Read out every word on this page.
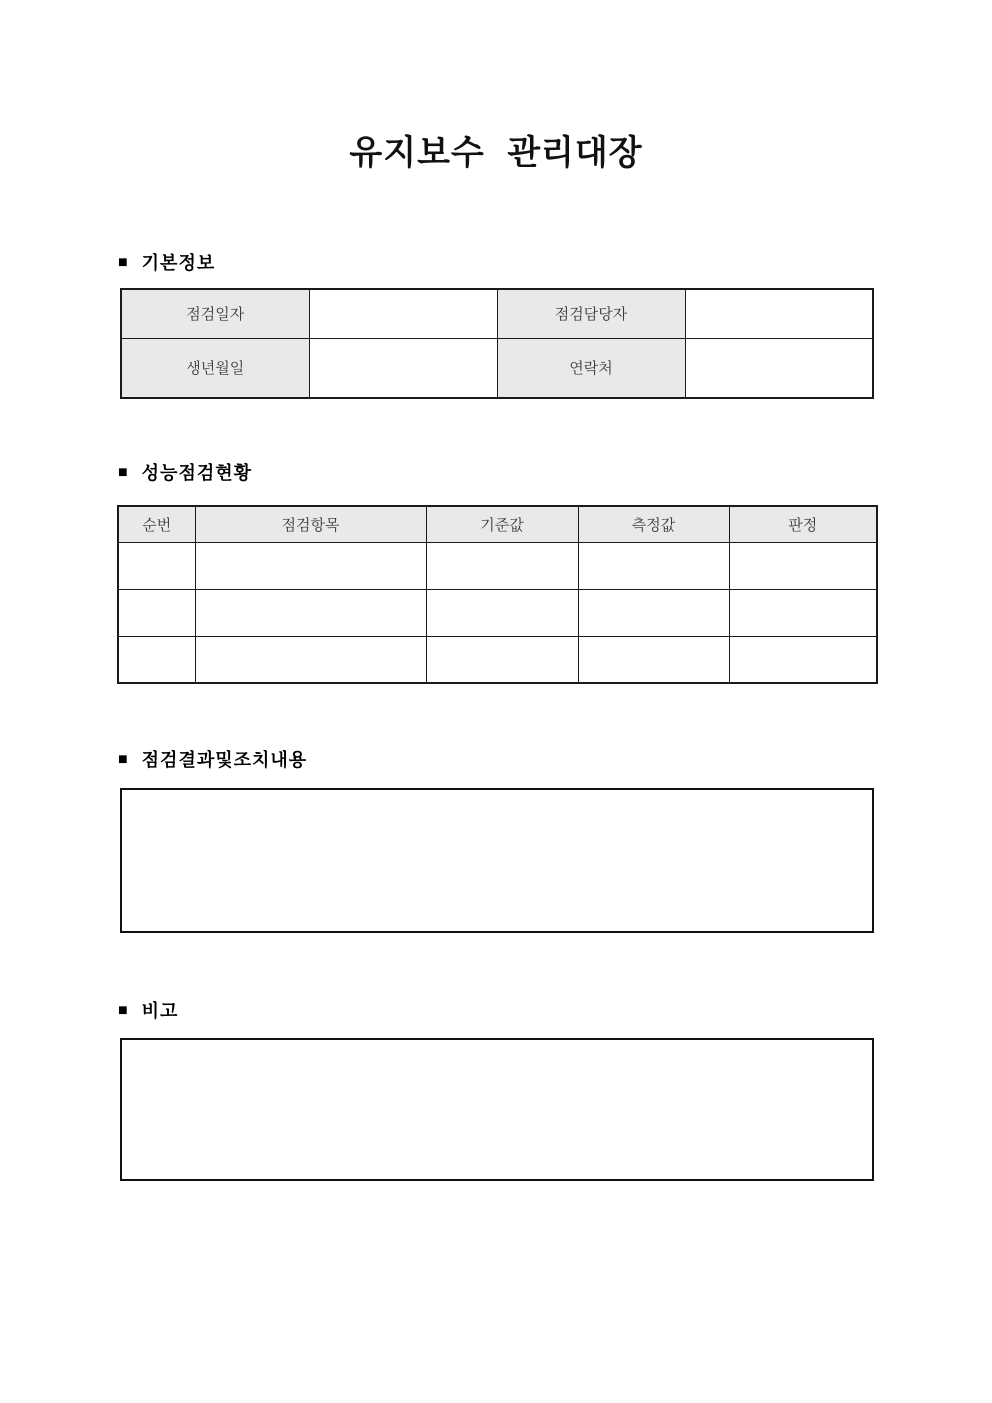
유지보수 관리대장
■ 기본정보
점검일자		점검담당자	
생년월일		연락처	
■ 성능점검현황
순번	점검항목	기준값	측정값	판정

■ 점검결과및조치내용
■ 비고
